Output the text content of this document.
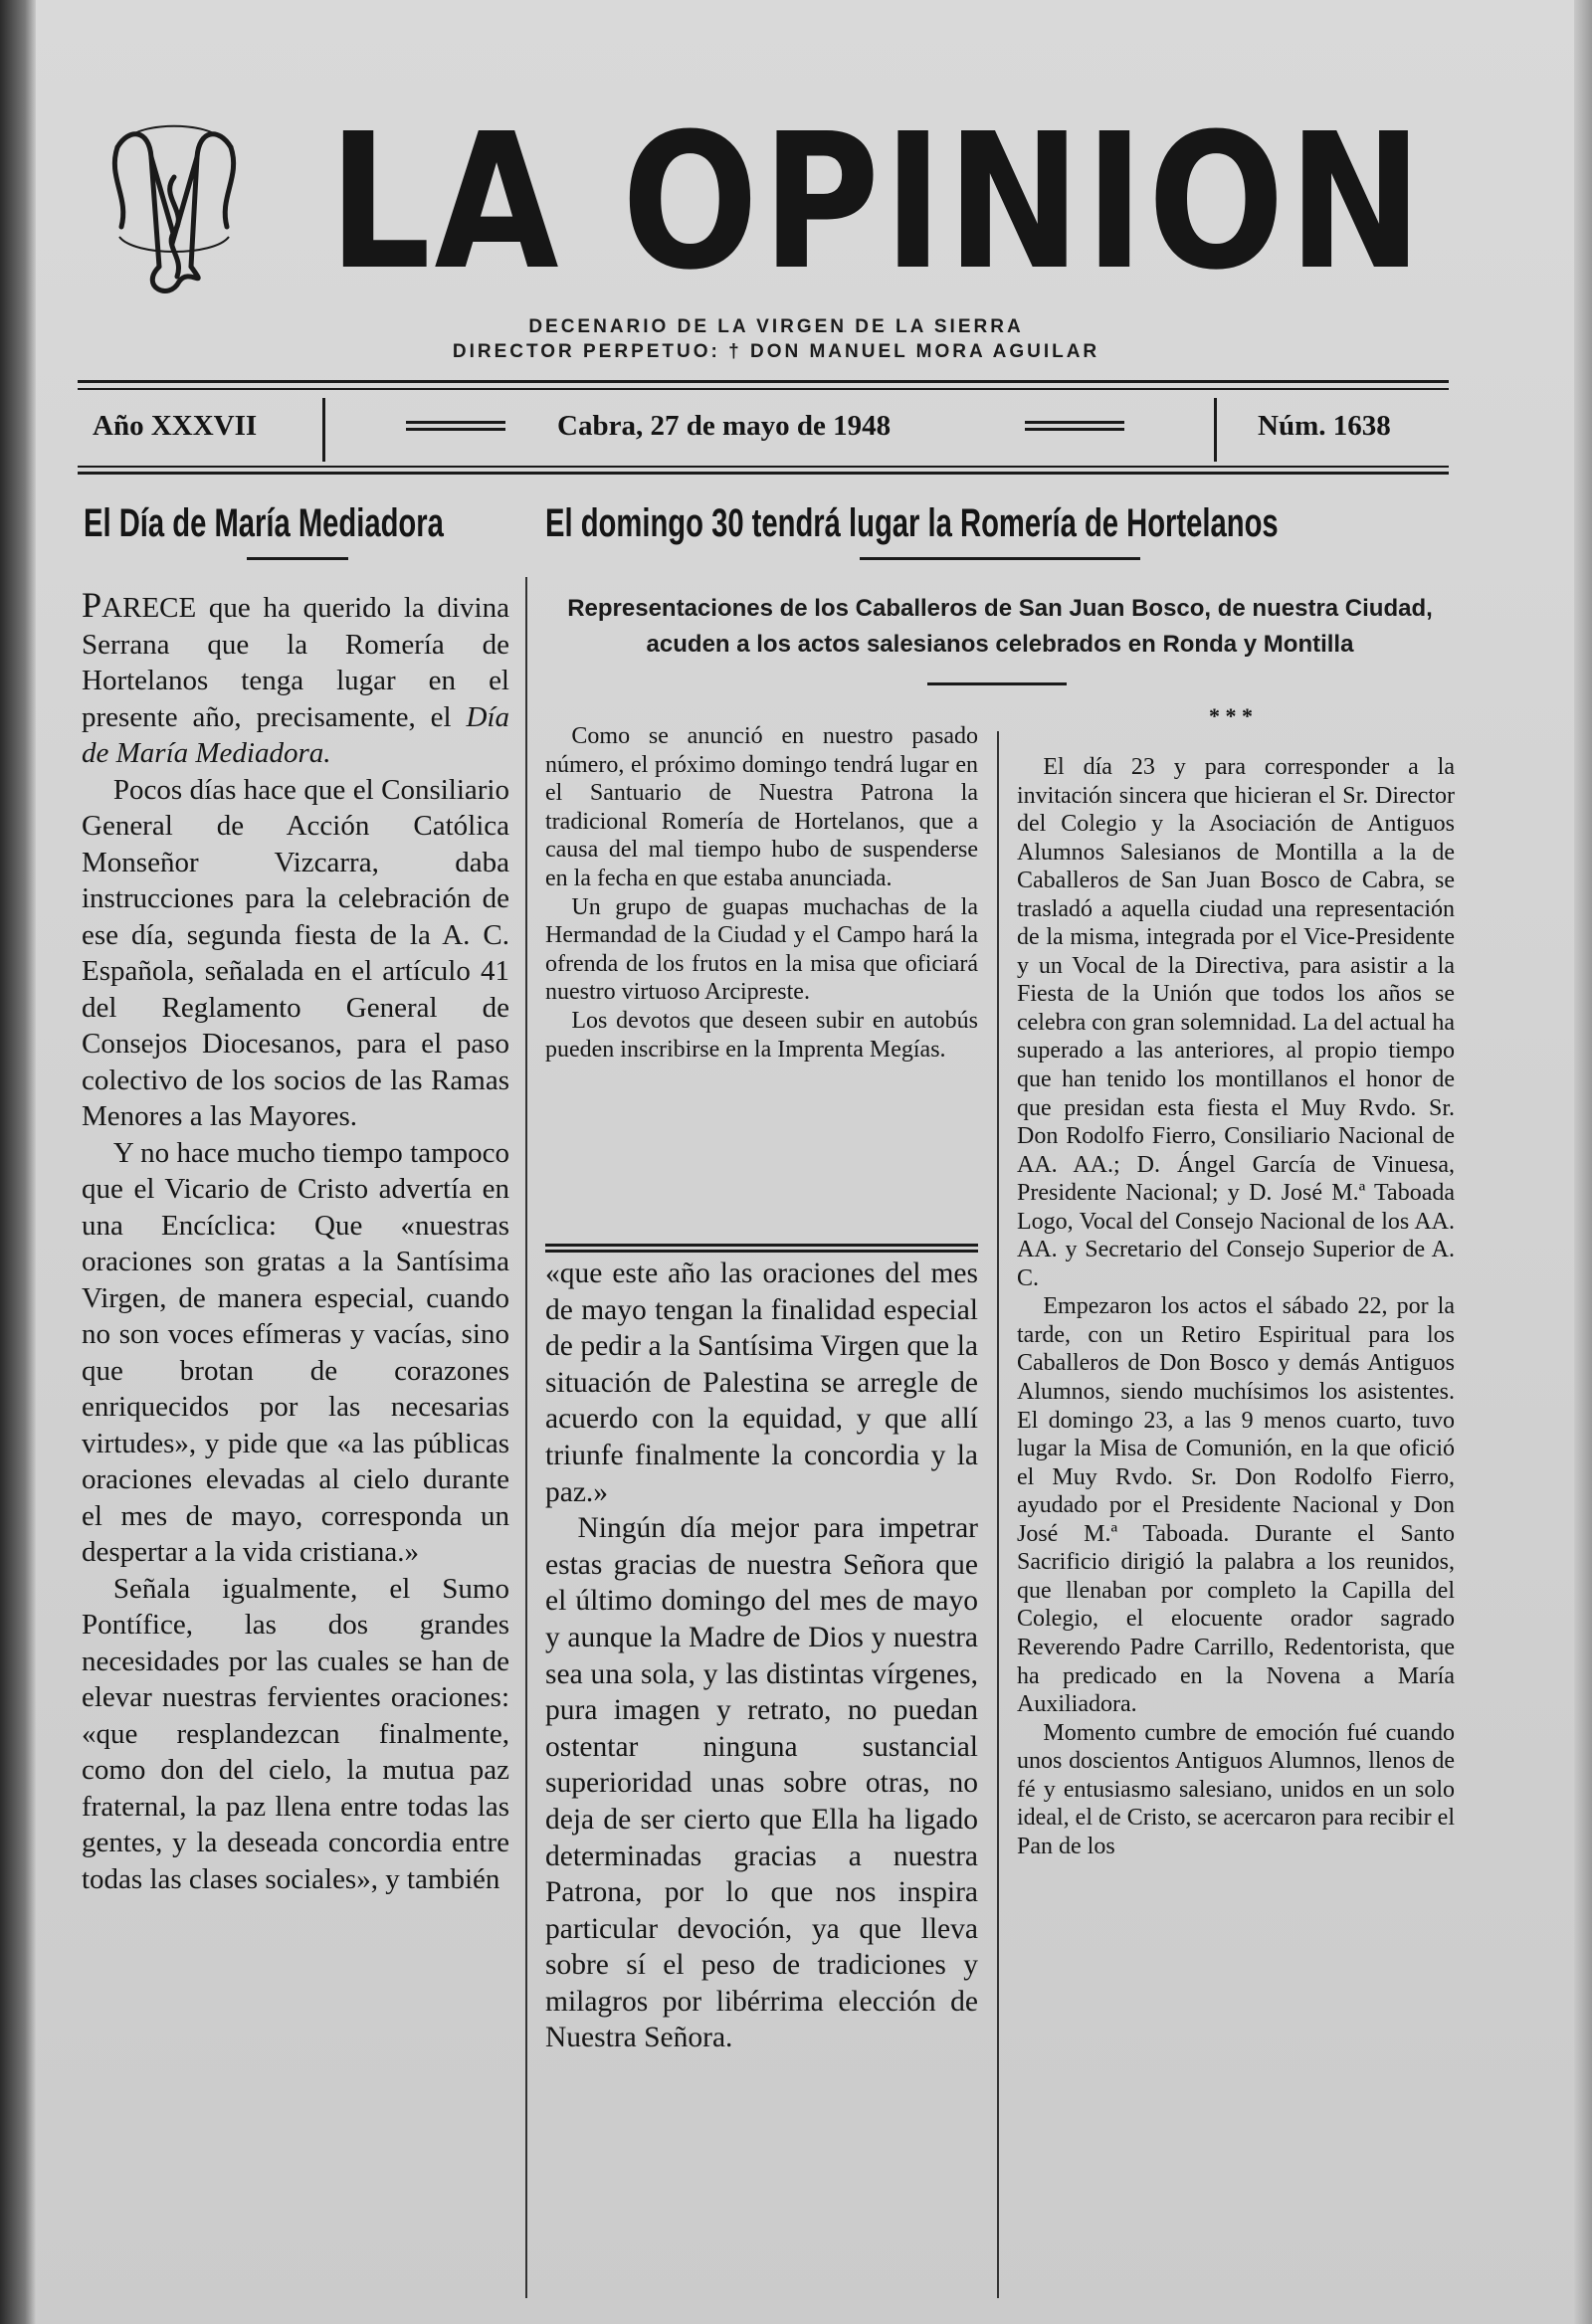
LA OPINION
DECENARIO DE LA VIRGEN DE LA SIERRA
DIRECTOR PERPETUO: † DON MANUEL MORA AGUILAR
Año XXXVII	Cabra, 27 de mayo de 1948	Núm. 1638
El Día de María Mediadora

PARECE que ha querido la divina Serrana que la Romería de Hortelanos tenga lugar en el presente año, precisamente, el Día de María Mediadora.

Pocos días hace que el Consiliario General de Acción Católica Monseñor Vizcarra, daba instrucciones para la celebración de ese día, segunda fiesta de la A. C. Española, señalada en el artículo 41 del Reglamento General de Consejos Diocesanos, para el paso colectivo de los socios de las Ramas Menores a las Mayores.

Y no hace mucho tiempo tampoco que el Vicario de Cristo advertía en una Encíclica: Que «nuestras oraciones son gratas a la Santísima Virgen, de manera especial, cuando no son voces efímeras y vacías, sino que brotan de corazones enriquecidos por las necesarias virtudes», y pide que «a las públicas oraciones elevadas al cielo durante el mes de mayo, corresponda un despertar a la vida cristiana.»

Señala igualmente, el Sumo Pontífice, las dos grandes necesidades por las cuales se han de elevar nuestras fervientes oraciones: «que resplandezcan finalmente, como don del cielo, la mutua paz fraternal, la paz llena entre todas las gentes, y la deseada concordia entre todas las clases sociales», y también

El domingo 30 tendrá lugar la Romería de Hortelanos

Representaciones de los Caballeros de San Juan Bosco, de nuestra Ciudad, acuden a los actos salesianos celebrados en Ronda y Montilla

Como se anunció en nuestro pasado número, el próximo domingo tendrá lugar en el Santuario de Nuestra Patrona la tradicional Romería de Hortelanos, que a causa del mal tiempo hubo de suspenderse en la fecha en que estaba anunciada.

Un grupo de guapas muchachas de la Hermandad de la Ciudad y el Campo hará la ofrenda de los frutos en la misa que oficiará nuestro virtuoso Arcipreste.

Los devotos que deseen subir en autobús pueden inscribirse en la Imprenta Megías.

* * *

El día 23 y para corresponder a la invitación sincera que hicieran el Sr. Director del Colegio y la Asociación de Antiguos Alumnos Salesianos de Montilla a la de Caballeros de San Juan Bosco de Cabra, se trasladó a aquella ciudad una representación de la misma, integrada por el Vice-Presidente y un Vocal de la Directiva, para asistir a la Fiesta de la Unión que todos los años se celebra con gran solemnidad. La del actual ha superado a las anteriores, al propio tiempo que han tenido los montillanos el honor de que presidan esta fiesta el Muy Rvdo. Sr. Don Rodolfo Fierro, Consiliario Nacional de AA. AA.; D. Ángel García de Vinuesa, Presidente Nacional; y D. José M.ª Taboada Logo, Vocal del Consejo Nacional de los AA. AA. y Secretario del Consejo Superior de A. C.

Empezaron los actos el sábado 22, por la tarde, con un Retiro Espiritual para los Caballeros de Don Bosco y demás Antiguos Alumnos, siendo muchísimos los asistentes. El domingo 23, a las 9 menos cuarto, tuvo lugar la Misa de Comunión, en la que ofició el Muy Rvdo. Sr. Don Rodolfo Fierro, ayudado por el Presidente Nacional y Don José M.ª Taboada. Durante el Santo Sacrificio dirigió la palabra a los reunidos, que llenaban por completo la Capilla del Colegio, el elocuente orador sagrado Reverendo Padre Carrillo, Redentorista, que ha predicado en la Novena a María Auxiliadora.

Momento cumbre de emoción fué cuando unos doscientos Antiguos Alumnos, llenos de fé y entusiasmo salesiano, unidos en un solo ideal, el de Cristo, se acercaron para recibir el Pan de los

«que este año las oraciones del mes de mayo tengan la finalidad especial de pedir a la Santísima Virgen que la situación de Palestina se arregle de acuerdo con la equidad, y que allí triunfe finalmente la concordia y la paz.»

Ningún día mejor para impetrar estas gracias de nuestra Señora que el último domingo del mes de mayo y aunque la Madre de Dios y nuestra sea una sola, y las distintas vírgenes, pura imagen y retrato, no puedan ostentar ninguna sustancial superioridad unas sobre otras, no deja de ser cierto que Ella ha ligado determinadas gracias a nuestra Patrona, por lo que nos inspira particular devoción, ya que lleva sobre sí el peso de tradiciones y milagros por libérrima elección de Nuestra Señora.
